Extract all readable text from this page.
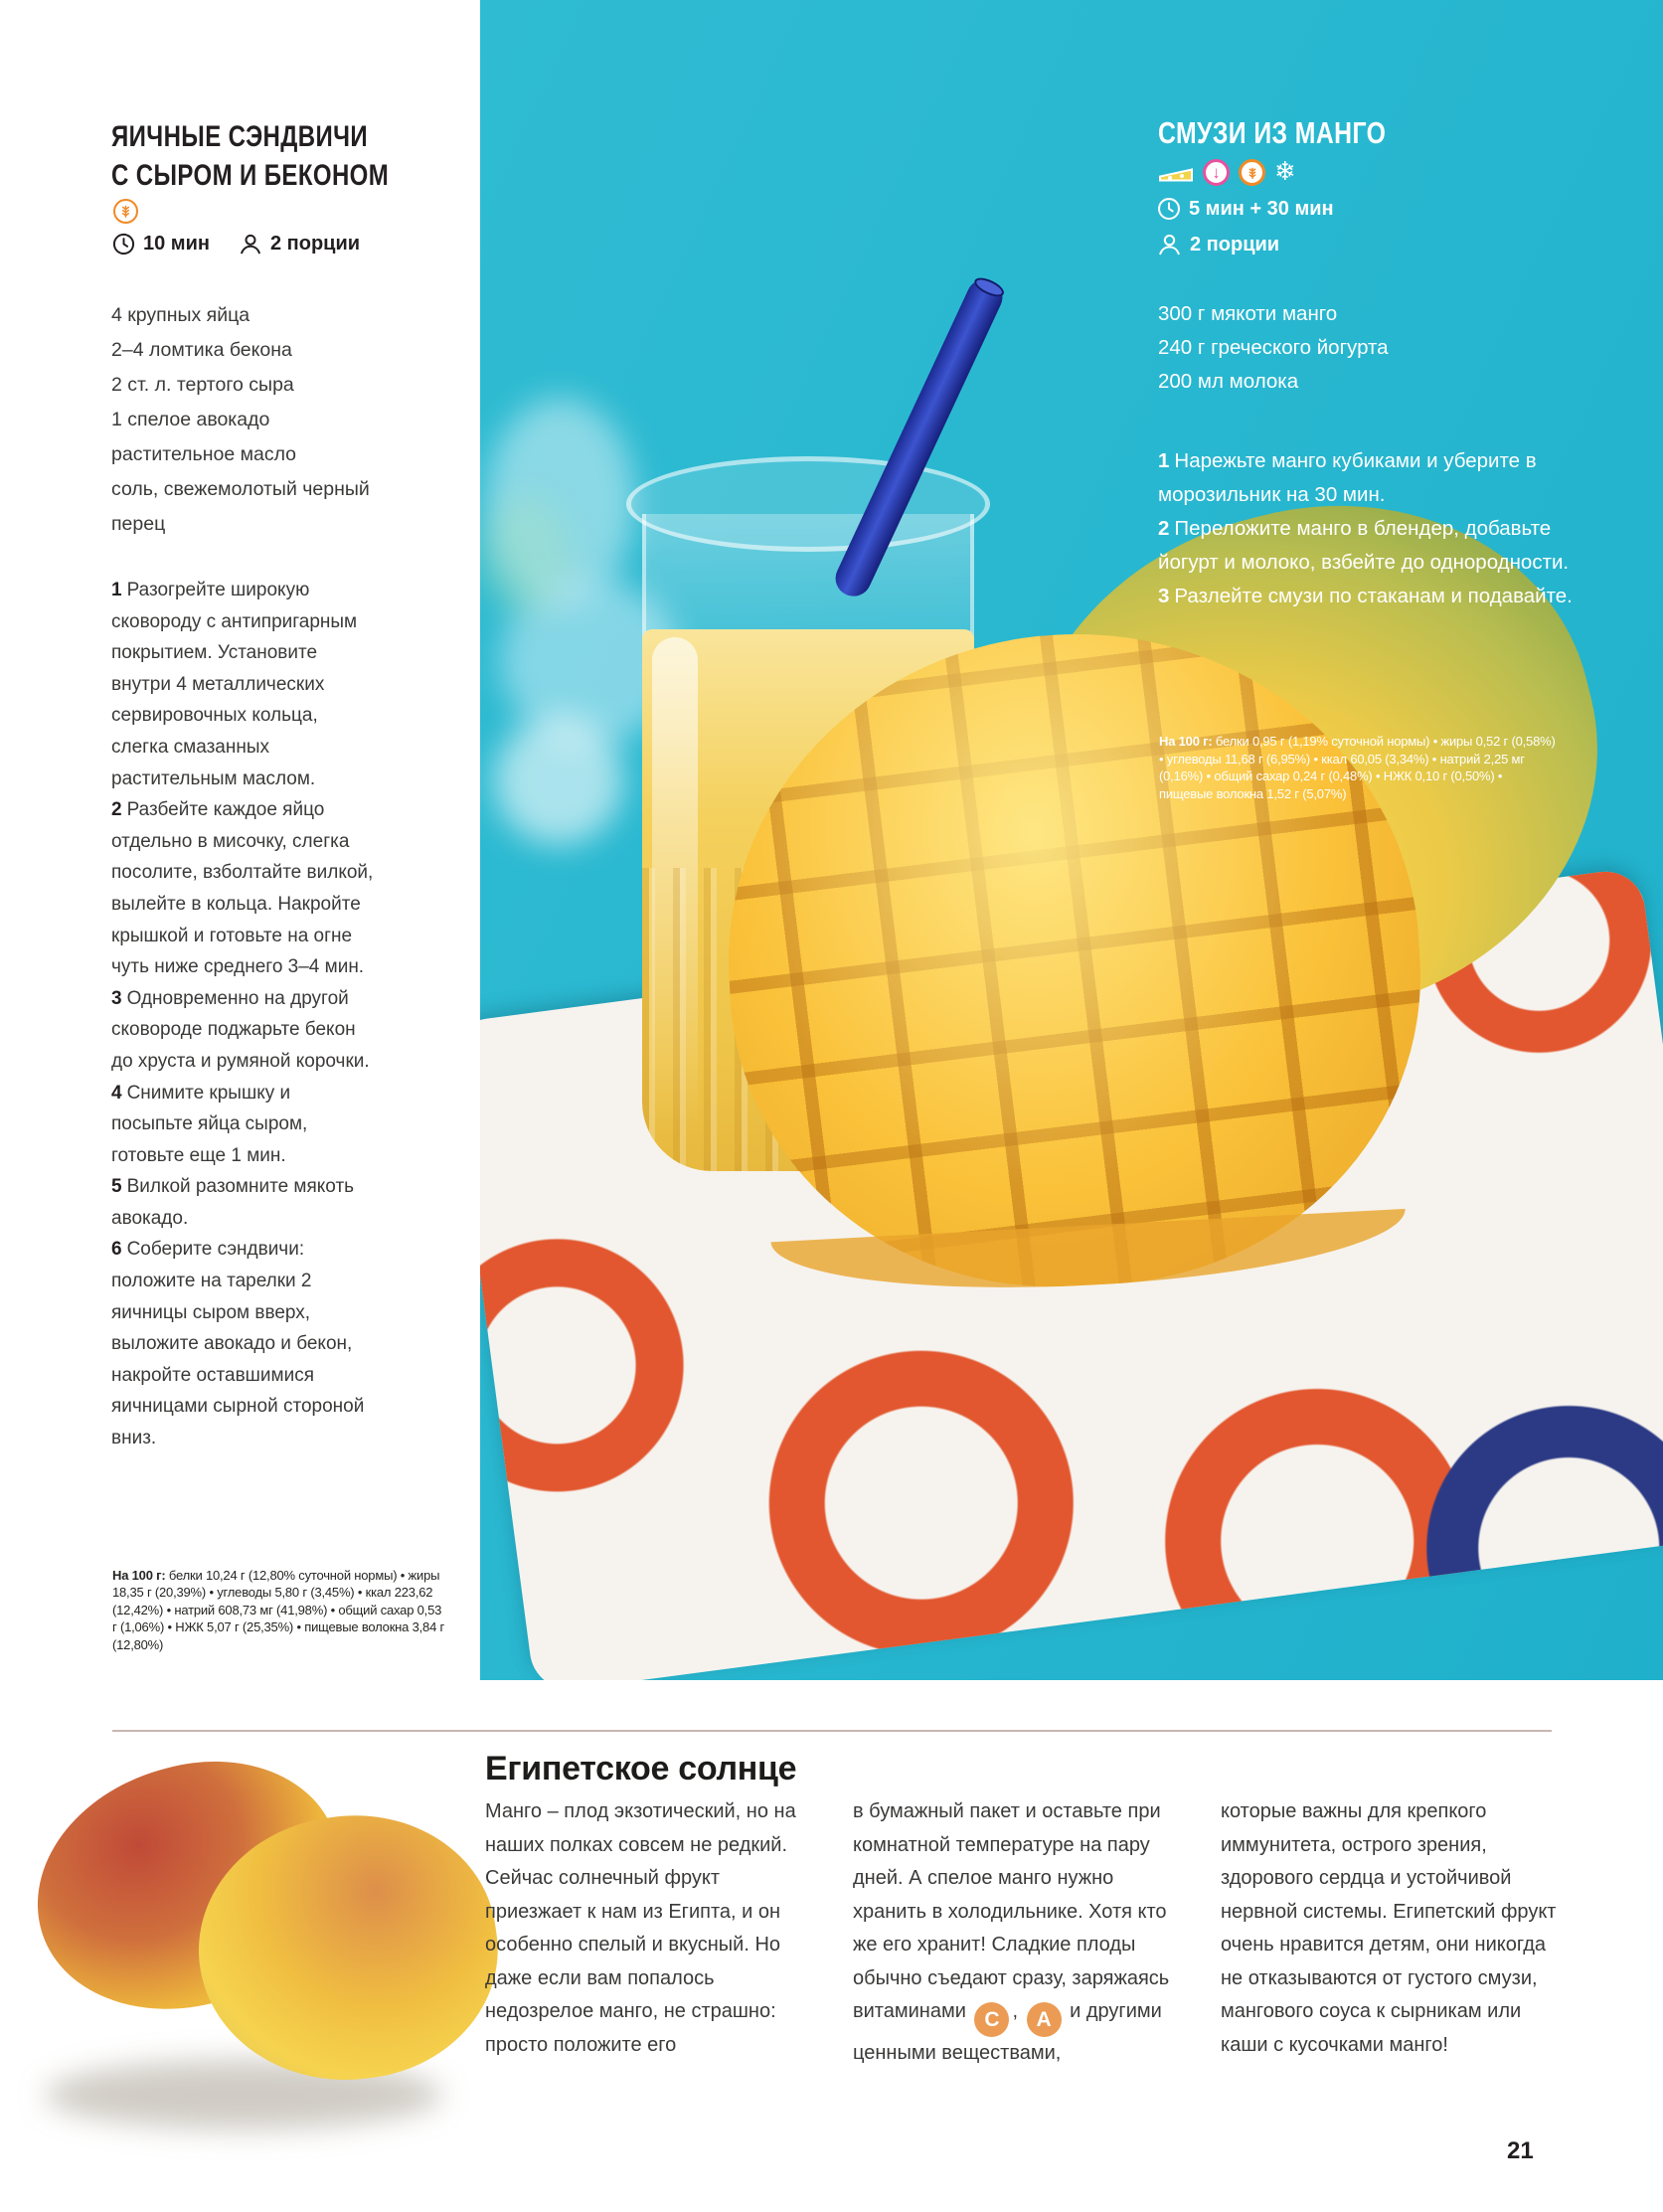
ЯИЧНЫЕ СЭНДВИЧИ
С СЫРОМ И БЕКОНОМ
10 мин	2 порции
4 крупных яйца
2–4 ломтика бекона
2 ст. л. тертого сыра
1 спелое авокадо
растительное масло
соль, свежемолотый черный перец

1 Разогрейте широкую сковороду с антипригарным покрытием. Установите внутри 4 металлических сервировочных кольца, слегка смазанных растительным маслом.

2 Разбейте каждое яйцо отдельно в мисочку, слегка посолите, взболтайте вилкой, вылейте в кольца. Накройте крышкой и готовьте на огне чуть ниже среднего 3–4 мин.

3 Одновременно на другой сковороде поджарьте бекон до хруста и румяной корочки.

4 Снимите крышку и посыпьте яйца сыром, готовьте еще 1 мин.

5 Вилкой разомните мякоть авокадо.

6 Соберите сэндвичи: положите на тарелки 2 яичницы сыром вверх, выложите авокадо и бекон, накройте оставшимися яичницами сырной стороной вниз.

На 100 г: белки 10,24 г (12,80% суточной нормы) • жиры 18,35 г (20,39%) • углеводы 5,80 г (3,45%) • ккал 223,62 (12,42%) • натрий 608,73 мг (41,98%) • общий сахар 0,53 г (1,06%) • НЖК 5,07 г (25,35%) • пищевые волокна 3,84 г (12,80%)
СМУЗИ ИЗ МАНГО
↓	❄
5 мин + 30 мин
2 порции
300 г мякоти манго
240 г греческого йогурта
200 мл молока

1 Нарежьте манго кубиками и уберите в морозильник на 30 мин.

2 Переложите манго в блендер, добавьте йогурт и молоко, взбейте до однородности.

3 Разлейте смузи по стаканам и подавайте.

На 100 г: белки 0,95 г (1,19% суточной нормы) • жиры 0,52 г (0,58%)• углеводы 11,68 г (6,95%) • ккал 60,05 (3,34%) • натрий 2,25 мг (0,16%) • общий сахар 0,24 г (0,48%) • НЖК 0,10 г (0,50%)• пищевые волокна 1,52 г (5,07%)
Египетское солнце
Манго – плод экзотический, но на наших полках совсем не редкий. Сейчас солнечный фрукт приезжает к нам из Египта, и он особенно спелый и вкусный. Но даже если вам попалось недозрелое манго, не страшно: просто положите его
в бумажный пакет и оставьте при комнатной температуре на пару дней. А спелое манго нужно хранить в холодильнике. Хотя кто же его хранит! Сладкие плоды обычно съедают сразу, заряжаясь витаминами C , A и другими ценными веществами,
которые важны для крепкого иммунитета, острого зрения, здорового сердца и устойчивой нервной системы. Египетский фрукт очень нравится детям, они никогда не отказываются от густого смузи, мангового соуса к сырникам или каши с кусочками манго!
21
